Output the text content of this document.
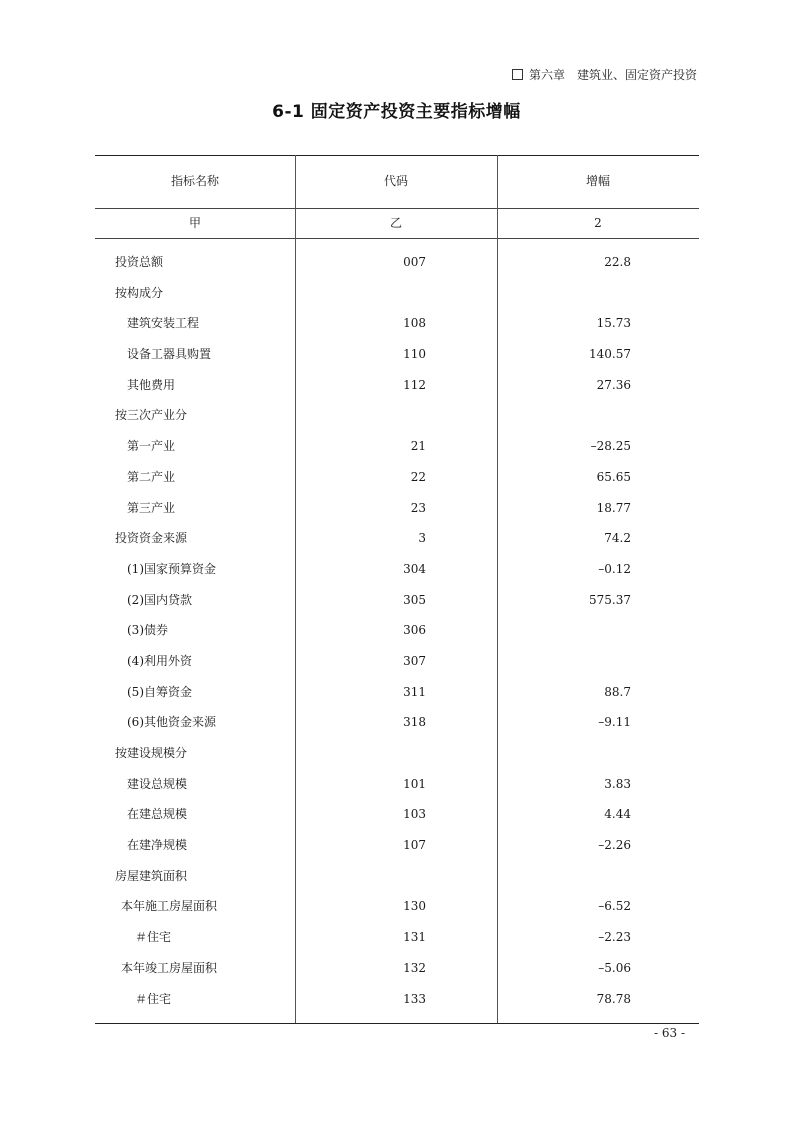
第六章　建筑业、固定资产投资
6-1 固定资产投资主要指标增幅
指标名称	代码	增幅
甲	乙	2
投资总额	007	22.8
按构成分
建筑安装工程	108	15.73
设备工器具购置	110	140.57
其他费用	112	27.36
按三次产业分
第一产业	21	–28.25
第二产业	22	65.65
第三产业	23	18.77
投资资金来源	3	74.2
(1)国家预算资金	304	–0.12
(2)国内贷款	305	575.37
(3)债券	306
(4)利用外资	307
(5)自筹资金	311	88.7
(6)其他资金来源	318	–9.11
按建设规模分
建设总规模	101	3.83
在建总规模	103	4.44
在建净规模	107	–2.26
房屋建筑面积
本年施工房屋面积	130	–6.52
＃住宅	131	–2.23
本年竣工房屋面积	132	–5.06
＃住宅	133	78.78
- 63 -
